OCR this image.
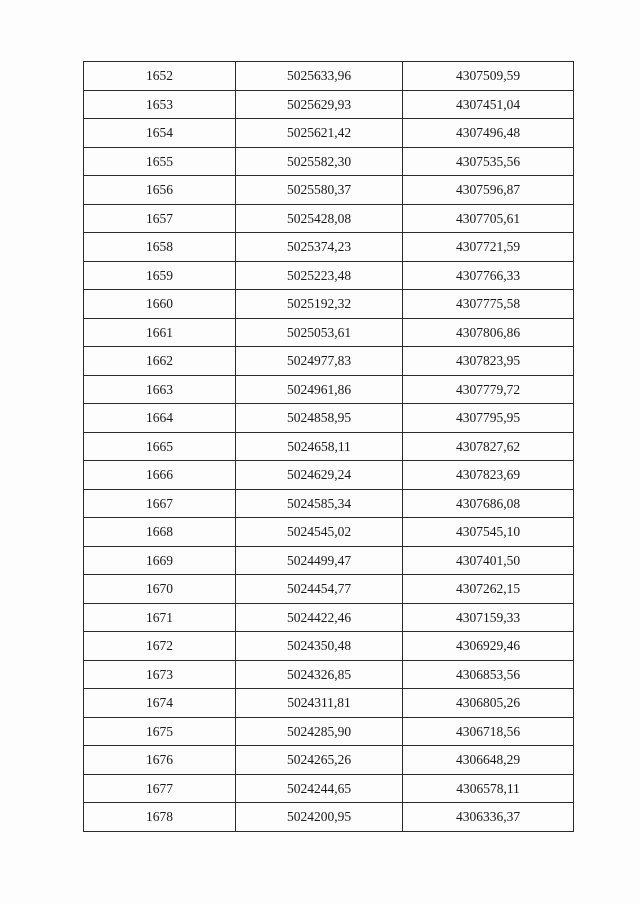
1652	5025633,96	4307509,59
1653	5025629,93	4307451,04
1654	5025621,42	4307496,48
1655	5025582,30	4307535,56
1656	5025580,37	4307596,87
1657	5025428,08	4307705,61
1658	5025374,23	4307721,59
1659	5025223,48	4307766,33
1660	5025192,32	4307775,58
1661	5025053,61	4307806,86
1662	5024977,83	4307823,95
1663	5024961,86	4307779,72
1664	5024858,95	4307795,95
1665	5024658,11	4307827,62
1666	5024629,24	4307823,69
1667	5024585,34	4307686,08
1668	5024545,02	4307545,10
1669	5024499,47	4307401,50
1670	5024454,77	4307262,15
1671	5024422,46	4307159,33
1672	5024350,48	4306929,46
1673	5024326,85	4306853,56
1674	5024311,81	4306805,26
1675	5024285,90	4306718,56
1676	5024265,26	4306648,29
1677	5024244,65	4306578,11
1678	5024200,95	4306336,37
